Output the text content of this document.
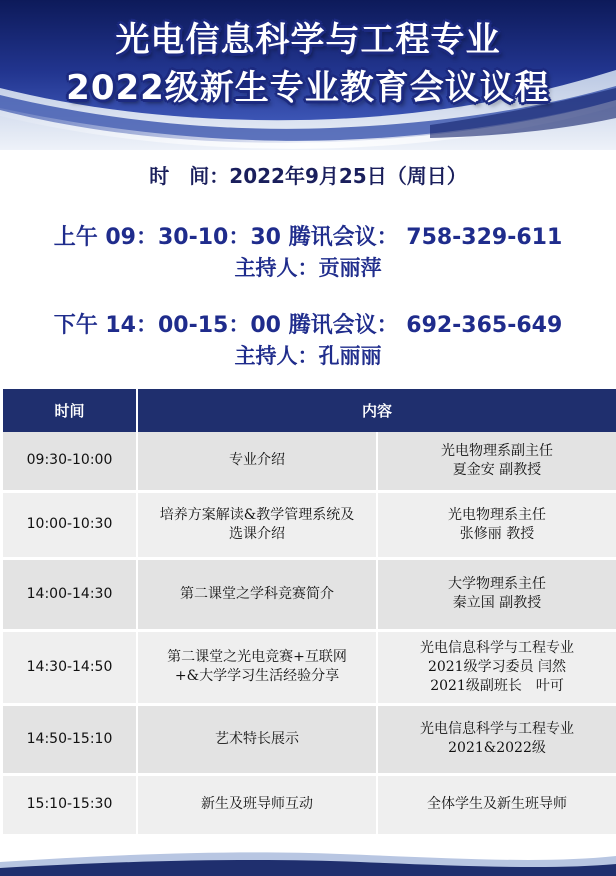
光电信息科学与工程专业
2022级新生专业教育会议议程
时　间：2022年9月25日（周日）
上午 09：30-10：30 腾讯会议： 758-329-611
主持人：贡丽萍
下午 14：00-15：00 腾讯会议： 692-365-649
主持人：孔丽丽
时间	内容	
09:30-10:00	专业介绍	光电物理系副主任
夏金安 副教授

10:00-10:30	培养方案解读&教学管理系统及
选课介绍	光电物理系主任
张修丽 教授

14:00-14:30	第二课堂之学科竞赛简介	大学物理系主任
秦立国 副教授

14:30-14:50	第二课堂之光电竞赛+互联网
+&大学学习生活经验分享	光电信息科学与工程专业
2021级学习委员 闫然
2021级副班长　叶可

14:50-15:10	艺术特长展示	光电信息科学与工程专业
2021&2022级

15:10-15:30	新生及班导师互动	全体学生及新生班导师
